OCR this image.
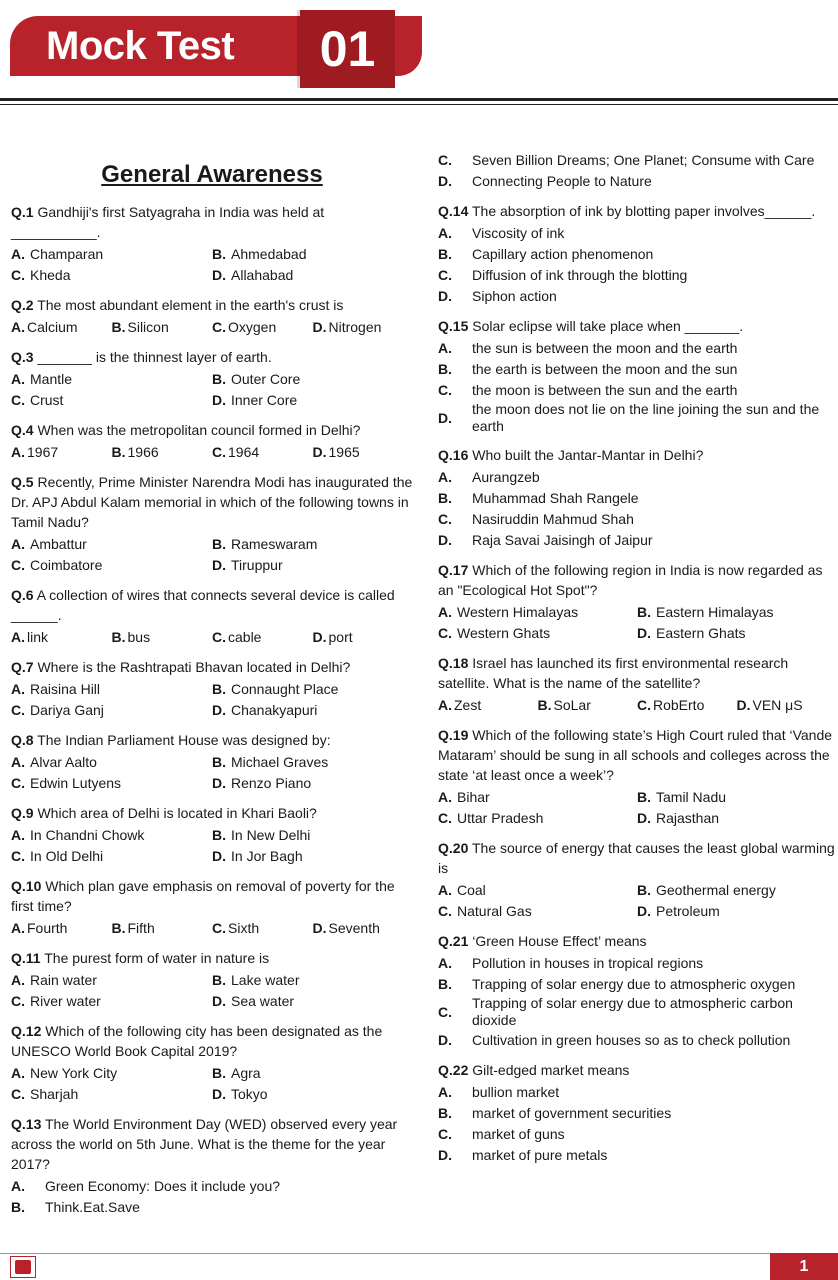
Mock Test	01
General Awareness
Q.1 Gandhiji's first Satyagraha in India was held at ___________.
A. Champaran	B. Ahmedabad
C. Kheda	D. Allahabad
Q.2 The most abundant element in the earth's crust is
A. Calcium B. Silicon	C. Oxygen	D. Nitrogen
Q.3 _______ is the thinnest layer of earth.
A. Mantle	B. Outer Core
C. Crust	D. Inner Core
Q.4 When was the metropolitan council formed in Delhi?
A. 1967	B. 1966	C. 1964	D. 1965
Q.5 Recently, Prime Minister Narendra Modi has inaugurated the Dr. APJ Abdul Kalam memorial in which of the following towns in Tamil Nadu?
A. Ambattur	B. Rameswaram
C. Coimbatore	D. Tiruppur
Q.6 A collection of wires that connects several device is called ______.
A. link	B. bus	C. cable	D. port
Q.7 Where is the Rashtrapati Bhavan located in Delhi?
A. Raisina Hill	B. Connaught Place
C. Dariya Ganj	D. Chanakyapuri
Q.8 The Indian Parliament House was designed by:
A. Alvar Aalto	B. Michael Graves
C. Edwin Lutyens	D. Renzo Piano
Q.9 Which area of Delhi is located in Khari Baoli?
A. In Chandni Chowk	B. In New Delhi
C. In Old Delhi	D. In Jor Bagh
Q.10 Which plan gave emphasis on removal of poverty for the first time?
A. Fourth	B. Fifth	C. Sixth	D. Seventh
Q.11 The purest form of water in nature is
A. Rain water	B. Lake water
C. River water	D. Sea water
Q.12 Which of the following city has been designated as the UNESCO World Book Capital 2019?
A. New York City	B. Agra
C. Sharjah	D. Tokyo
Q.13 The World Environment Day (WED) observed every year across the world on 5th June. What is the theme for the year 2017?
A.	Green Economy: Does it include you?
B.	Think.Eat.Save
C.	Seven Billion Dreams; One Planet; Consume with Care
D.	Connecting People to Nature
Q.14 The absorption of ink by blotting paper involves______.
A.	Viscosity of ink
B.	Capillary action phenomenon
C.	Diffusion of ink through the blotting
D.	Siphon action
Q.15 Solar eclipse will take place when _______.
A.	the sun is between the moon and the earth
B.	the earth is between the moon and the sun
C.	the moon is between the sun and the earth
D.
the moon does not lie on the line joining the sun and the earth
Q.16 Who built the Jantar-Mantar in Delhi?
A.	Aurangzeb
B.	Muhammad Shah Rangele
C.	Nasiruddin Mahmud Shah
D.	Raja Savai Jaisingh of Jaipur
Q.17 Which of the following region in India is now regarded as an "Ecological Hot Spot"?
A. Western Himalayas	B. Eastern Himalayas
C. Western Ghats	D. Eastern Ghats
Q.18 Israel has launched its first environmental research satellite. What is the name of the satellite?
A. Zest	B. SoLar	C. RobErto D. VEN μS
Q.19 Which of the following state’s High Court ruled that ‘Vande Mataram’ should be sung in all schools and colleges across the state ‘at least once a week’?
A. Bihar	B. Tamil Nadu
C. Uttar Pradesh	D. Rajasthan
Q.20 The source of energy that causes the least global warming is
A. Coal	B. Geothermal energy
C. Natural Gas	D. Petroleum
Q.21 ‘Green House Effect’ means
A.	Pollution in houses in tropical regions
B.	Trapping of solar energy due to atmospheric oxygen
C.
Trapping of solar energy due to atmospheric carbon dioxide
D.	Cultivation in green houses so as to check pollution
Q.22 Gilt-edged market means
A.	bullion market
B.	market of government securities
C.	market of guns
D.	market of pure metals
1
